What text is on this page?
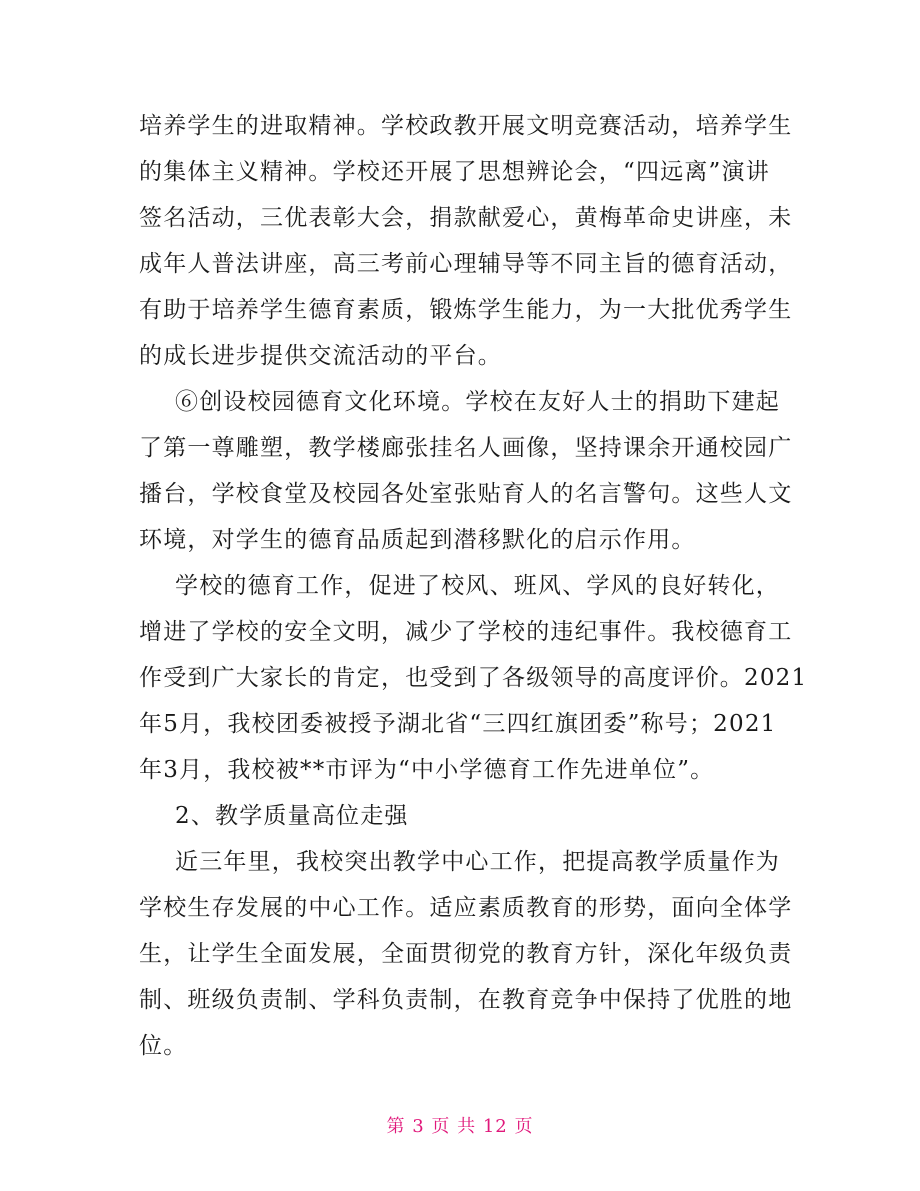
培养学生的进取精神。学校政教开展文明竞赛活动，培养学生
的集体主义精神。学校还开展了思想辨论会，“四远离”演讲
签名活动，三优表彰大会，捐款献爱心，黄梅革命史讲座，未
成年人普法讲座，高三考前心理辅导等不同主旨的德育活动，
有助于培养学生德育素质，锻炼学生能力，为一大批优秀学生
的成长进步提供交流活动的平台。
⑥创设校园德育文化环境。学校在友好人士的捐助下建起
了第一尊雕塑，教学楼廊张挂名人画像，坚持课余开通校园广
播台，学校食堂及校园各处室张贴育人的名言警句。这些人文
环境，对学生的德育品质起到潜移默化的启示作用。
学校的德育工作，促进了校风、班风、学风的良好转化，
增进了学校的安全文明，减少了学校的违纪事件。我校德育工
作受到广大家长的肯定，也受到了各级领导的高度评价。2021
年5月，我校团委被授予湖北省“三四红旗团委”称号；2021
年3月，我校被**市评为“中小学德育工作先进单位”。
2、教学质量高位走强
近三年里，我校突出教学中心工作，把提高教学质量作为
学校生存发展的中心工作。适应素质教育的形势，面向全体学
生，让学生全面发展，全面贯彻党的教育方针，深化年级负责
制、班级负责制、学科负责制，在教育竞争中保持了优胜的地
位。
第 3 页 共 12 页
